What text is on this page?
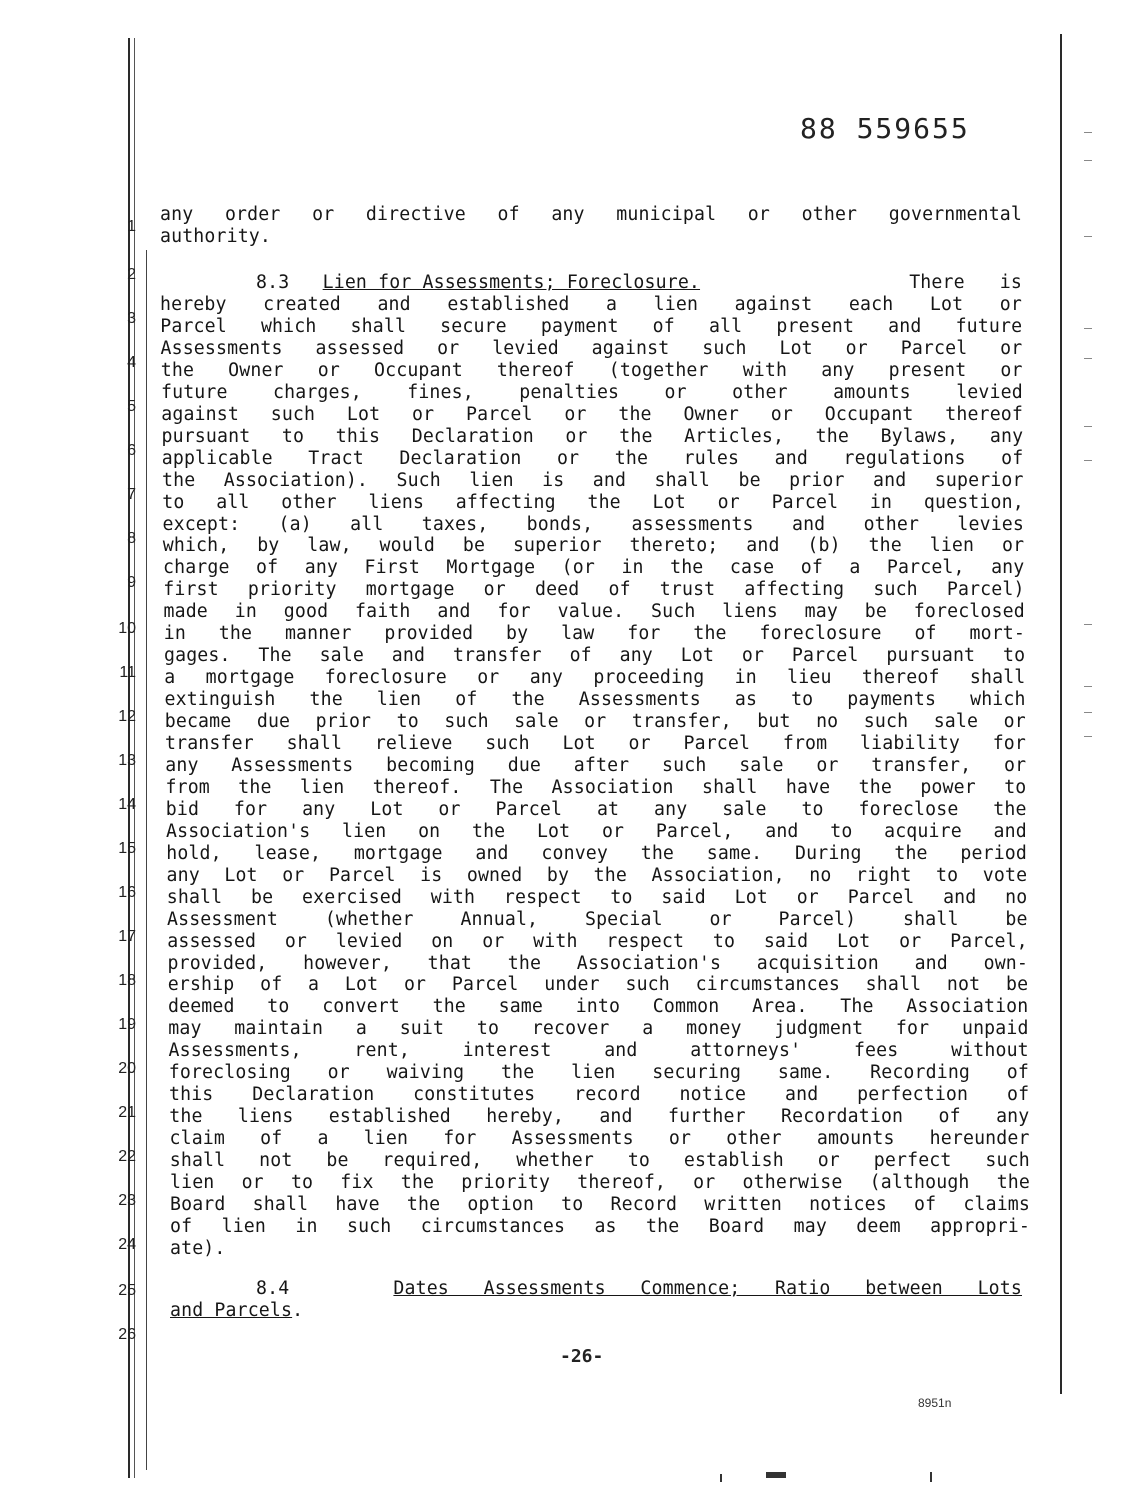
88 559655
1
2
3
4
5
6
7
8
9
10
11
12
13
14
15
16
17
18
19
20
21
22
23
24
25
26
any order or directive of any municipal or other governmental
authority.
8.3 Lien for Assessments; Foreclosure.	There is
hereby created and established a lien against each Lot or
Parcel which shall secure payment of all present and future
Assessments assessed or levied against such Lot or Parcel or
the Owner or Occupant thereof (together with any present or
future charges, fines, penalties or other amounts levied
against such Lot or Parcel or the Owner or Occupant thereof
pursuant to this Declaration or the Articles, the Bylaws, any
applicable Tract Declaration or the rules and regulations of
the Association). Such lien is and shall be prior and superior
to all other liens affecting the Lot or Parcel in question,
except: (a) all taxes, bonds, assessments and other levies
which, by law, would be superior thereto; and (b) the lien or
charge of any First Mortgage (or in the case of a Parcel, any
first priority mortgage or deed of trust affecting such Parcel)
made in good faith and for value. Such liens may be foreclosed
in the manner provided by law for the foreclosure of mort-
gages. The sale and transfer of any Lot or Parcel pursuant to
a mortgage foreclosure or any proceeding in lieu thereof shall
extinguish the lien of the Assessments as to payments which
became due prior to such sale or transfer, but no such sale or
transfer shall relieve such Lot or Parcel from liability for
any Assessments becoming due after such sale or transfer, or
from the lien thereof. The Association shall have the power to
bid for any Lot or Parcel at any sale to foreclose the
Association's lien on the Lot or Parcel, and to acquire and
hold, lease, mortgage and convey the same. During the period
any Lot or Parcel is owned by the Association, no right to vote
shall be exercised with respect to said Lot or Parcel and no
Assessment (whether Annual, Special or Parcel) shall be
assessed or levied on or with respect to said Lot or Parcel,
provided, however, that the Association's acquisition and own-
ership of a Lot or Parcel under such circumstances shall not be
deemed to convert the same into Common Area. The Association
may maintain a suit to recover a money judgment for unpaid
Assessments, rent, interest and attorneys' fees without
foreclosing or waiving the lien securing same. Recording of
this Declaration constitutes record notice and perfection of
the liens established hereby, and further Recordation of any
claim of a lien for Assessments or other amounts hereunder
shall not be required, whether to establish or perfect such
lien or to fix the priority thereof, or otherwise (although the
Board shall have the option to Record written notices of claims
of lien in such circumstances as the Board may deem appropri-
ate).
8.4	Dates Assessments Commence; Ratio between Lots
and Parcels.
-26-
8951n
